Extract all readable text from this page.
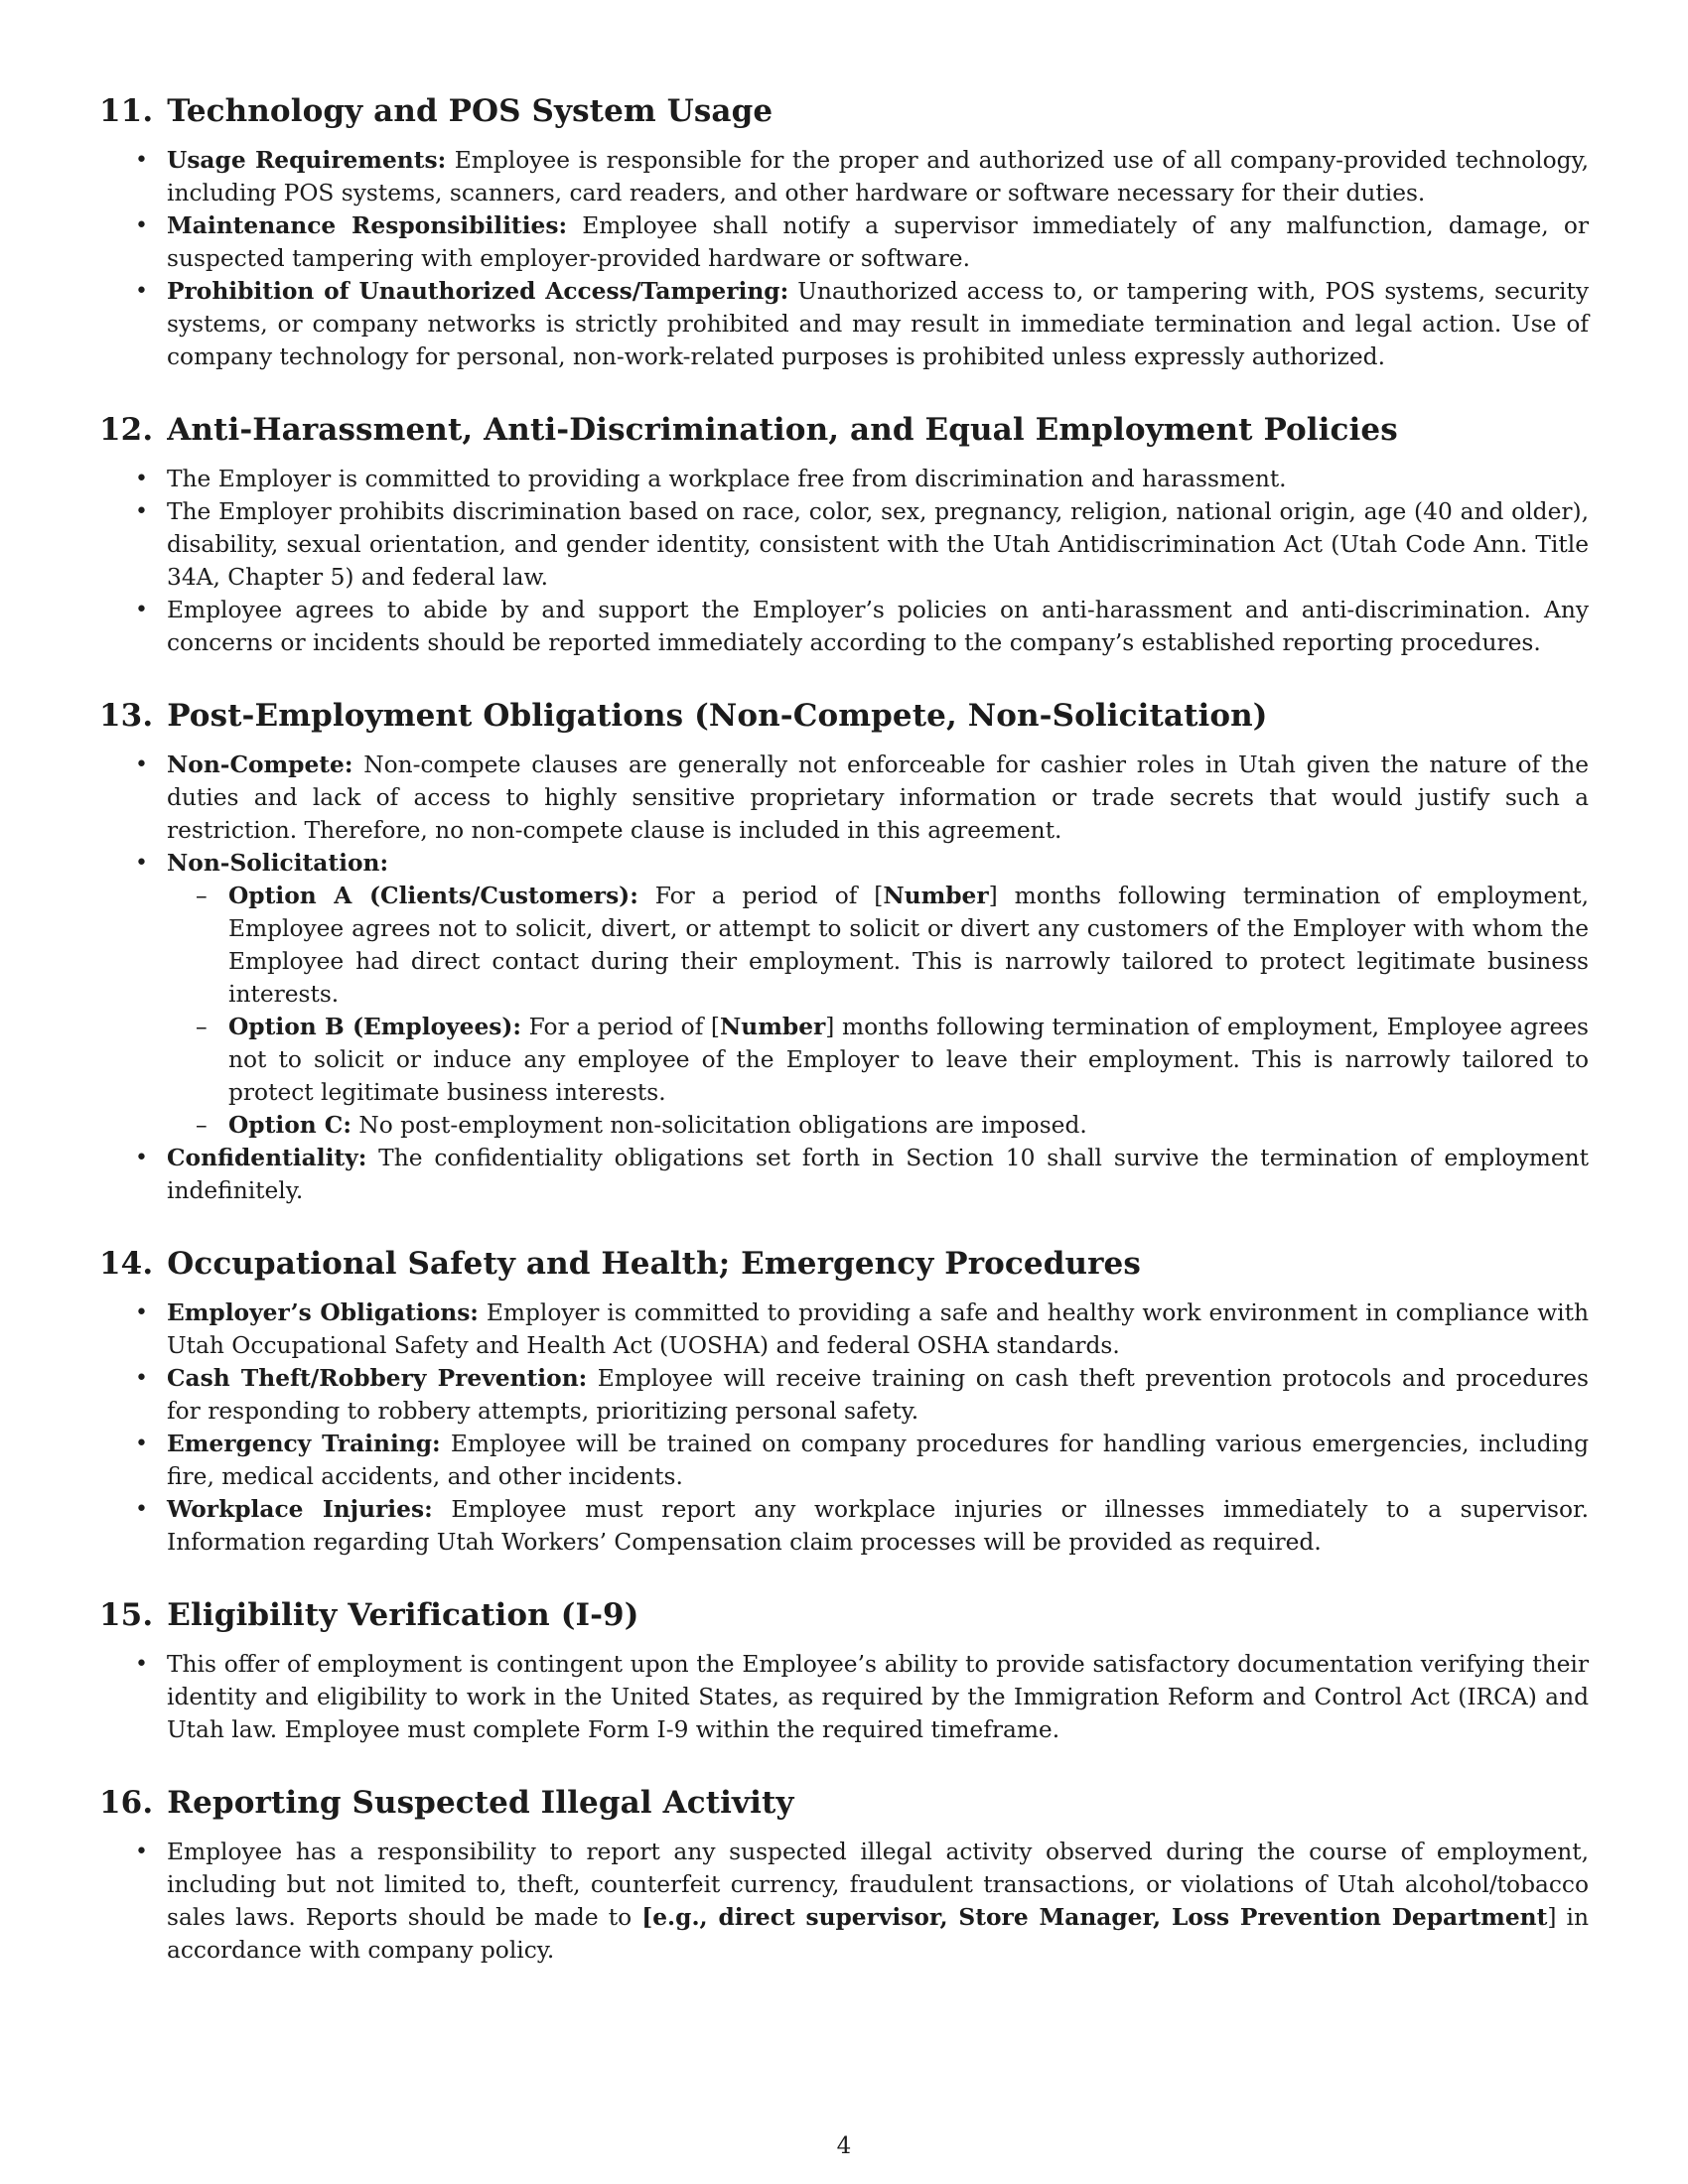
11. Technology and POS System Usage
• Usage Requirements: Employee is responsible for the proper and authorized use of all company-provided technology, including POS systems, scanners, card readers, and other hardware or software necessary for their duties.
• Maintenance Responsibilities: Employee shall notify a supervisor immediately of any malfunction, damage, or suspected tampering with employer-provided hardware or software.
• Prohibition of Unauthorized Access/Tampering: Unauthorized access to, or tampering with, POS systems, security systems, or company networks is strictly prohibited and may result in immediate termination and legal action. Use of company technology for personal, non-work-related purposes is prohibited unless expressly authorized.
12. Anti-Harassment, Anti-Discrimination, and Equal Employment Policies
• The Employer is committed to providing a workplace free from discrimination and harassment.
• The Employer prohibits discrimination based on race, color, sex, pregnancy, religion, national origin, age (40 and older), disability, sexual orientation, and gender identity, consistent with the Utah Antidiscrimination Act (Utah Code Ann. Title 34A, Chapter 5) and federal law.
• Employee agrees to abide by and support the Employer’s policies on anti-harassment and anti-discrimination. Any concerns or incidents should be reported immediately according to the company’s established reporting procedures.
13. Post-Employment Obligations (Non-Compete, Non-Solicitation)
• Non-Compete: Non-compete clauses are generally not enforceable for cashier roles in Utah given the nature of the duties and lack of access to highly sensitive proprietary information or trade secrets that would justify such a restriction. Therefore, no non-compete clause is included in this agreement.
• Non-Solicitation:
– Option A (Clients/Customers): For a period of [Number] months following termination of employment, Employee agrees not to solicit, divert, or attempt to solicit or divert any customers of the Employer with whom the Employee had direct contact during their employment. This is narrowly tailored to protect legitimate business interests.
– Option B (Employees): For a period of [Number] months following termination of employment, Employee agrees not to solicit or induce any employee of the Employer to leave their employment. This is narrowly tailored to protect legitimate business interests.
– Option C: No post-employment non-solicitation obligations are imposed.
• Confidentiality: The confidentiality obligations set forth in Section 10 shall survive the termination of employment indefinitely.
14. Occupational Safety and Health; Emergency Procedures
• Employer’s Obligations: Employer is committed to providing a safe and healthy work environment in compliance with Utah Occupational Safety and Health Act (UOSHA) and federal OSHA standards.
• Cash Theft/Robbery Prevention: Employee will receive training on cash theft prevention protocols and procedures for responding to robbery attempts, prioritizing personal safety.
• Emergency Training: Employee will be trained on company procedures for handling various emergencies, including fire, medical accidents, and other incidents.
• Workplace Injuries: Employee must report any workplace injuries or illnesses immediately to a supervisor. Information regarding Utah Workers’ Compensation claim processes will be provided as required.
15. Eligibility Verification (I-9)
• This offer of employment is contingent upon the Employee’s ability to provide satisfactory documentation verifying their identity and eligibility to work in the United States, as required by the Immigration Reform and Control Act (IRCA) and Utah law. Employee must complete Form I-9 within the required timeframe.
16. Reporting Suspected Illegal Activity
• Employee has a responsibility to report any suspected illegal activity observed during the course of employment, including but not limited to, theft, counterfeit currency, fraudulent transactions, or violations of Utah alcohol/tobacco sales laws. Reports should be made to [e.g., direct supervisor, Store Manager, Loss Prevention Department] in accordance with company policy.
4
